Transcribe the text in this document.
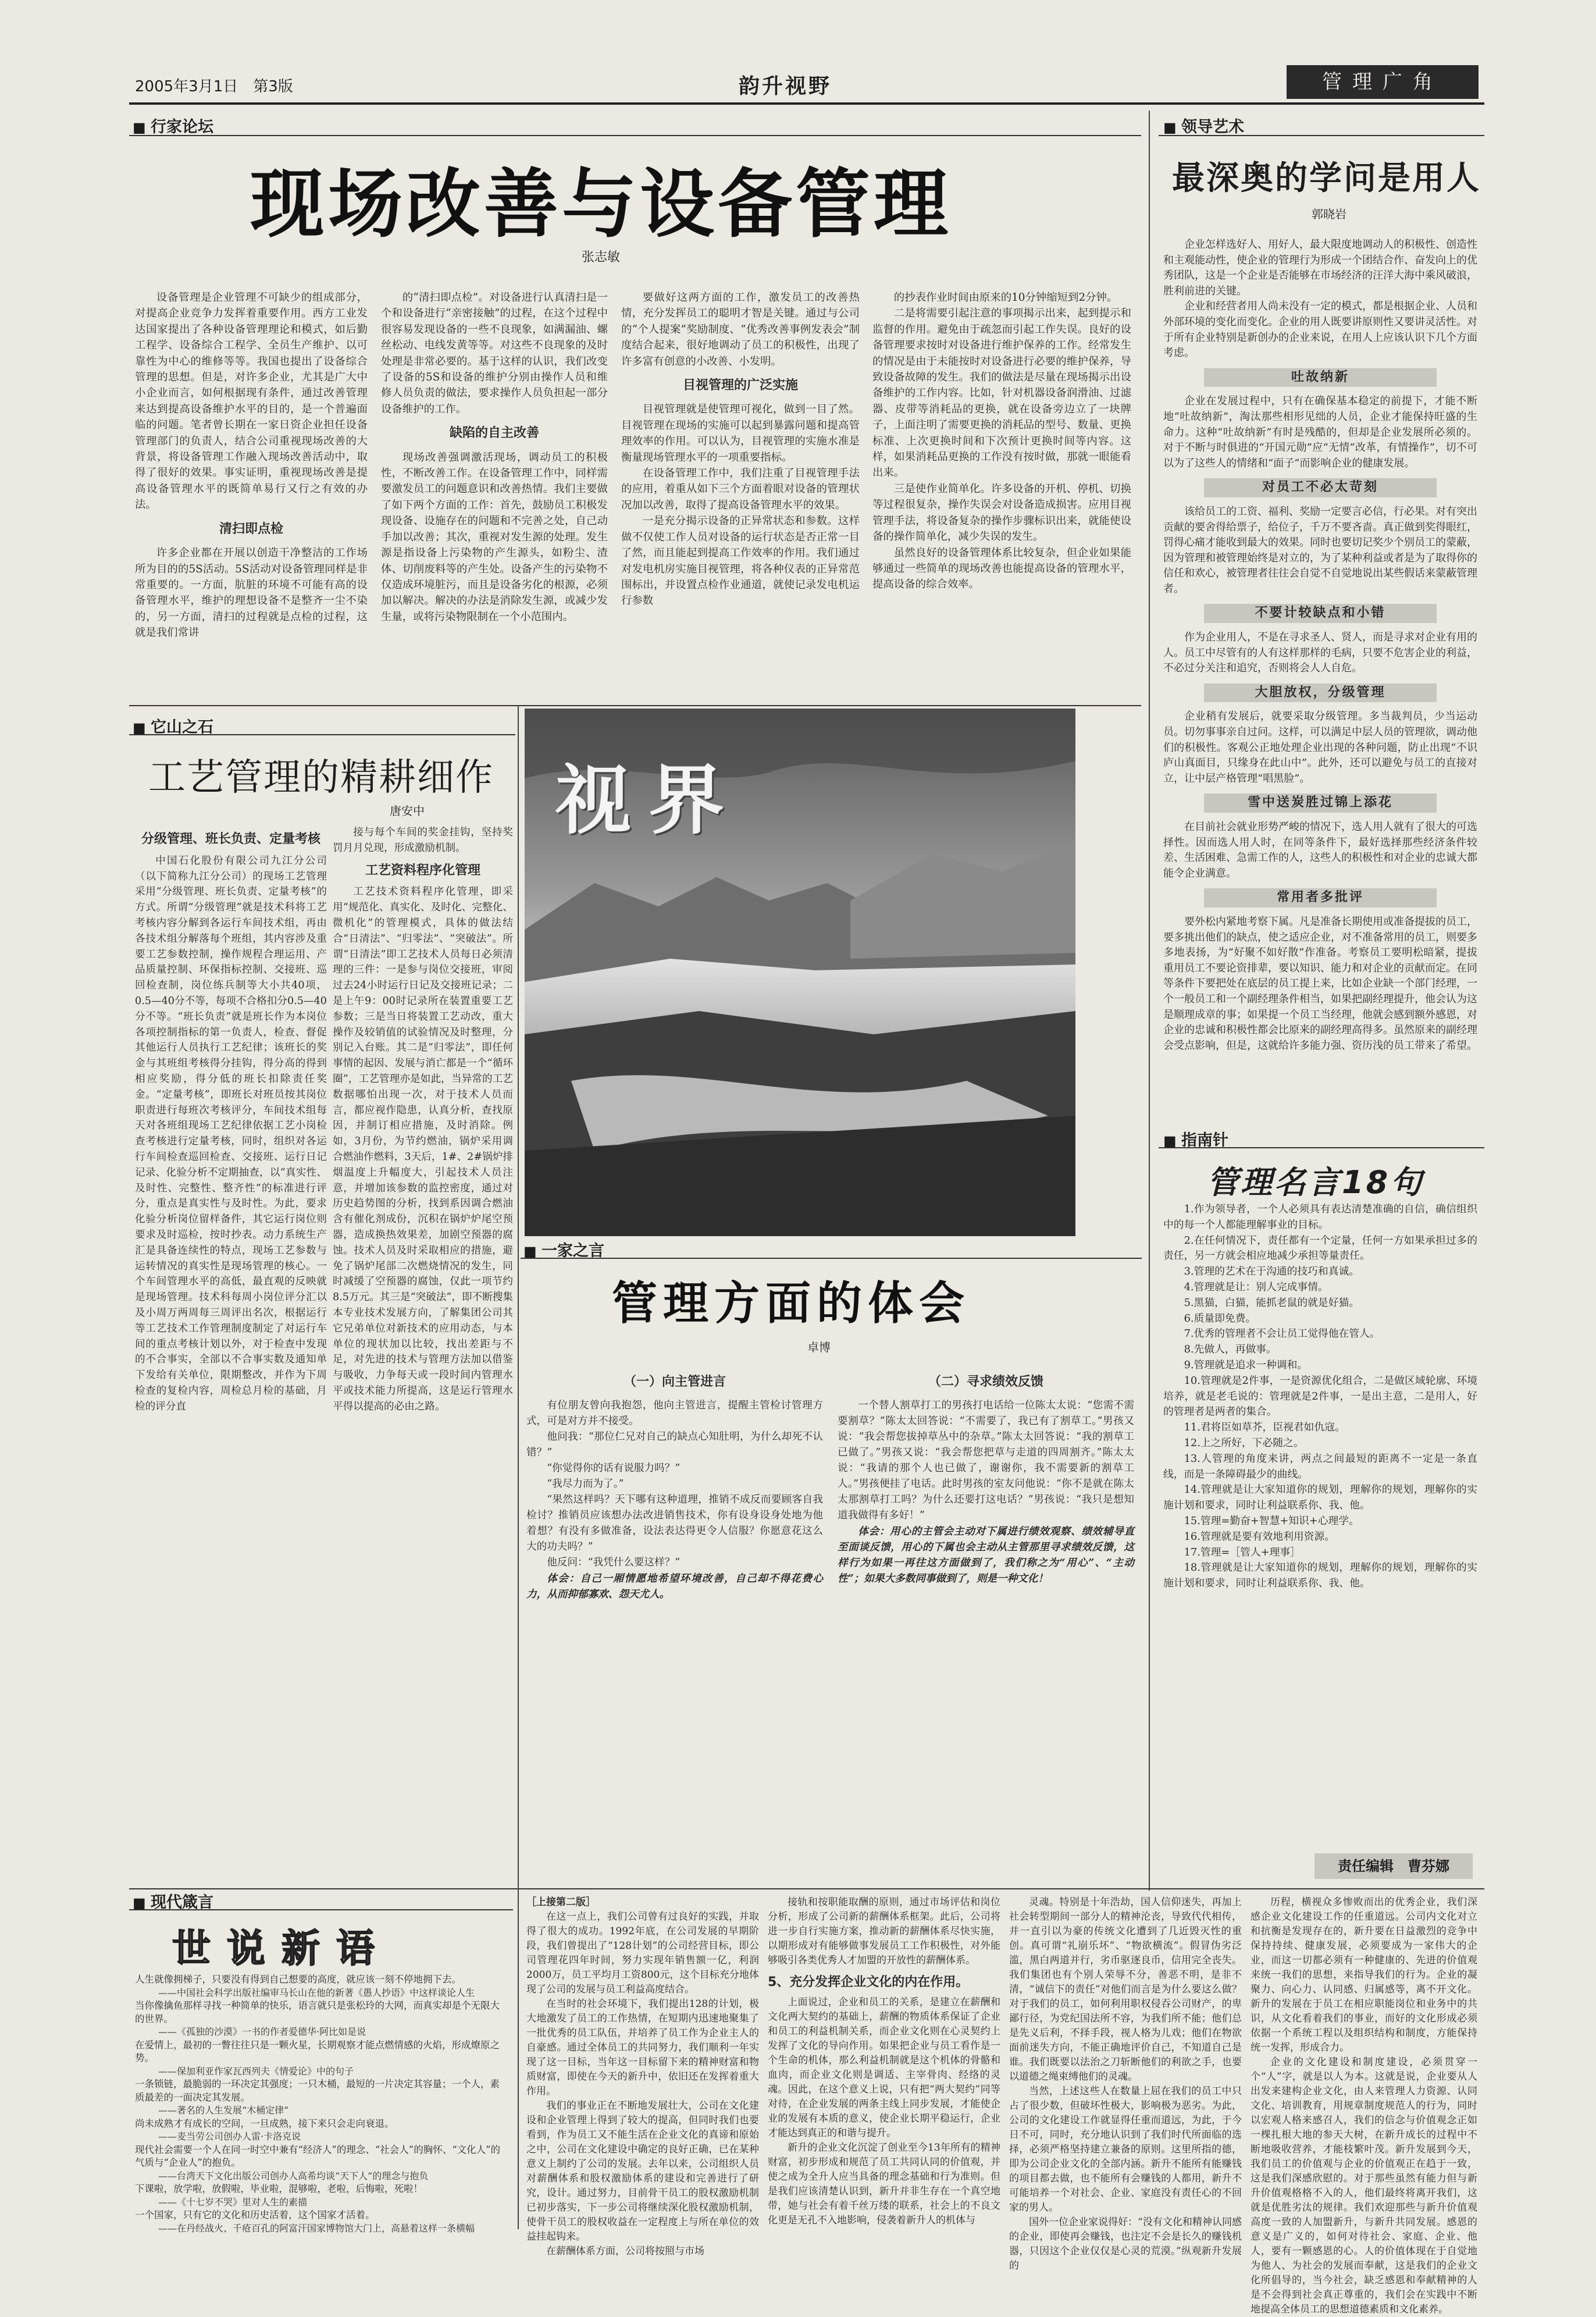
2005年3月1日　第3版	韵升视野	管理广角
■ 行家论坛
现场改善与设备管理
张志敏

设备管理是企业管理不可缺少的组成部分，对提高企业竞争力发挥着重要作用。西方工业发达国家提出了各种设备管理理论和模式，如后勤工程学、设备综合工程学、全员生产维护、以可靠性为中心的维修等等。我国也提出了设备综合管理的思想。但是，对许多企业，尤其是广大中小企业而言，如何根据现有条件，通过改善管理来达到提高设备维护水平的目的，是一个普遍面临的问题。笔者曾长期在一家日资企业担任设备管理部门的负责人，结合公司重视现场改善的大背景，将设备管理工作融入现场改善活动中，取得了很好的效果。事实证明，重视现场改善是提高设备管理水平的既简单易行又行之有效的办法。

清扫即点检

许多企业都在开展以创造干净整洁的工作场所为目的的5S活动。5S活动对设备管理同样是非常重要的。一方面，肮脏的环境不可能有高的设备管理水平，维护的理想设备不是整齐一尘不染的，另一方面，清扫的过程就是点检的过程，这就是我们常讲

的“清扫即点检”。对设备进行认真清扫是一个和设备进行“亲密接触”的过程，在这个过程中很容易发现设备的一些不良现象，如满漏油、螺丝松动、电线发黄等等。对这些不良现象的及时处理是非常必要的。基于这样的认识，我们改变了设备的5S和设备的维护分别由操作人员和维修人员负责的做法，要求操作人员负担起一部分设备维护的工作。

缺陷的自主改善

现场改善强调激活现场，调动员工的积极性，不断改善工作。在设备管理工作中，同样需要激发员工的问题意识和改善热情。我们主要做了如下两个方面的工作：首先，鼓励员工积极发现设备、设施存在的问题和不完善之处，自己动手加以改善；其次，重视对发生源的处理。发生源是指设备上污染物的产生源头，如粉尘、渣体、切削废料等的产生处。设备产生的污染物不仅造成环境脏污，而且是设备劣化的根源，必须加以解决。解决的办法是消除发生源，或减少发生量，或将污染物限制在一个小范围内。

要做好这两方面的工作，激发员工的改善热情，充分发挥员工的聪明才智是关键。通过与公司的“个人提案”奖励制度、“优秀改善事例发表会”制度结合起来，很好地调动了员工的积极性，出现了许多富有创意的小改善、小发明。

目视管理的广泛实施

目视管理就是使管理可视化，做到一目了然。目视管理在现场的实施可以起到暴露问题和提高管理效率的作用。可以认为，目视管理的实施水准是衡量现场管理水平的一项重要指标。

在设备管理工作中，我们注重了目视管理手法的应用，着重从如下三个方面着眼对设备的管理状况加以改善，取得了提高设备管理水平的效果。

一是充分揭示设备的正异常状态和参数。这样做不仅使工作人员对设备的运行状态是否正常一目了然，而且能起到提高工作效率的作用。我们通过对发电机房实施目视管理，将各种仪表的正异常范围标出，并设置点检作业通道，就使记录发电机运行参数

的抄表作业时间由原来的10分钟缩短到2分钟。

二是将需要引起注意的事项揭示出来，起到提示和监督的作用。避免由于疏忽而引起工作失误。良好的设备管理要求按时对设备进行维护保养的工作。经常发生的情况是由于未能按时对设备进行必要的维护保养，导致设备故障的发生。我们的做法是尽量在现场揭示出设备维护的工作内容。比如，针对机器设备润滑油、过滤器、皮带等消耗品的更换，就在设备旁边立了一块牌子，上面注明了需要更换的消耗品的型号、数量、更换标准、上次更换时间和下次预计更换时间等内容。这样，如果消耗品更换的工作没有按时做，那就一眼能看出来。

三是使作业简单化。许多设备的开机、停机、切换等过程很复杂，操作失误会对设备造成损害。应用目视管理手法，将设备复杂的操作步骤标识出来，就能使设备的操作简单化，减少失误的发生。

虽然良好的设备管理体系比较复杂，但企业如果能够通过一些简单的现场改善也能提高设备的管理水平，提高设备的综合效率。

■ 领导艺术
最深奥的学问是用人
郭晓岩

企业怎样选好人、用好人，最大限度地调动人的积极性、创造性和主观能动性，使企业的管理行为形成一个团结合作、奋发向上的优秀团队，这是一个企业是否能够在市场经济的汪洋大海中乘风破浪，胜利前进的关键。

企业和经营者用人尚未没有一定的模式，都是根据企业、人员和外部环境的变化而变化。企业的用人既要讲原则性又要讲灵活性。对于所有企业特别是新创办的企业来说，在用人上应该认识下几个方面考虑。

吐故纳新

企业在发展过程中，只有在确保基本稳定的前提下，才能不断地“吐故纳新”，淘汰那些相形见绌的人员，企业才能保持旺盛的生命力。这种“吐故纳新”有时是残酷的，但却是企业发展所必须的。对于不断与时俱进的“开国元勋”应“无情”改革，有情操作”，切不可以为了这些人的情绪和“面子”而影响企业的健康发展。

对员工不必太苛刻

该给员工的工资、福利、奖励一定要言必信，行必果。对有突出贡献的要舍得给票子，给位子，千万不要吝啬。真正做到奖得眼红，罚得心痛才能收到最大的效果。同时也要切记奖少个别员工的蒙蔽，因为管理和被管理始终是对立的，为了某种利益或者是为了取得你的信任和欢心，被管理者往往会自觉不自觉地说出某些假话来蒙蔽管理者。

不要计较缺点和小错

作为企业用人，不是在寻求圣人、贤人，而是寻求对企业有用的人。员工中尽管有的人有这样那样的毛病，只要不危害企业的利益，不必过分关注和追究，否则将会人人自危。

大胆放权，分级管理

企业稍有发展后，就要采取分级管理。多当裁判员，少当运动员。切勿事事亲自过问。这样，可以满足中层人员的管理欲，调动他们的积极性。客观公正地处理企业出现的各种问题，防止出现“不识庐山真面目，只缘身在此山中”。此外，还可以避免与员工的直接对立，让中层产格管理“唱黑脸”。

雪中送炭胜过锦上添花

在目前社会就业形势严峻的情况下，选人用人就有了很大的可选择性。因而选人用人时，在同等条件下，最好选择那些经济条件较差、生活困难、急需工作的人，这些人的积极性和对企业的忠诚大都能令企业满意。

常用者多批评

要外松内紧地考察下属。凡是准备长期使用或准备提拔的员工，要多挑出他们的缺点，使之适应企业，对不准备常用的员工，则要多多地表扬，为“好聚不如好散”作准备。考察员工要明松暗紧，提拔重用员工不要论资排辈，要以知识、能力和对企业的贡献而定。在同等条件下要把处在底层的员工提上来，比如企业缺一个部门经理，一个一般员工和一个副经理条件相当，如果把副经理提升，他会认为这是顺理成章的事；如果提一个员工当经理，他就会感到额外感恩，对企业的忠诚和积极性都会比原来的副经理高得多。虽然原来的副经理会受点影响，但是，这就给许多能力强、资历浅的员工带来了希望。

■ 它山之石
工艺管理的精耕细作
唐安中
分级管理、班长负责、定量考核

中国石化股份有限公司九江分公司（以下简称九江分公司）的现场工艺管理采用“分级管理、班长负责、定量考核”的方式。所谓“分级管理”就是技术科将工艺考核内容分解到各运行车间技术组，再由各技术组分解落每个班组，其内容涉及重要工艺参数控制，操作规程合理运用、产品质量控制、环保指标控制、交接班、巡回检查制，岗位练兵制等大小共40项，0.5—40分不等，每项不合格扣分0.5—40分不等。“班长负责”就是班长作为本岗位各项控制指标的第一负责人，检查、督促其他运行人员执行工艺纪律；该班长的奖金与其班组考核得分挂钩，得分高的得到相应奖励，得分低的班长扣除责任奖金。“定量考核”，即班长对班员按其岗位职责进行每班次考核评分，车间技术组每天对各班组现场工艺纪律依据工艺小岗检查考核进行定量考核，同时，组织对各运行车间检查巡回检查、交接班、运行日记记录、化验分析不定期抽查，以“真实性、及时性、完整性、整齐性”的标准进行评分，重点是真实性与及时性。为此，要求化验分析岗位留样备件，其它运行岗位则要求及时巡检，按时抄表。动力系统生产汇是具备连续性的特点，现场工艺参数与运转情况的真实性是现场管理的核心。一个车间管理水平的高低，最直观的反映就是现场管理。技术科每周小岗位评分汇以及小周万两周每三周评出名次，根据运行等工艺技术工作管理制度制定了对运行车间的重点考核计划以外，对于检查中发现的不合事实，全部以不合事实数及通知单下发给有关单位，限期整改，并作为下周检查的复检内容，周检总月检的基础，月检的评分直

接与每个车间的奖金挂钩，坚持奖罚月月兑现，形成激励机制。

工艺资料程序化管理

工艺技术资料程序化管理，即采用“规范化、真实化、及时化、完整化、微机化”的管理模式，具体的做法结合“日清法”、“归零法”、“突破法”。所谓“日清法”即工艺技术人员每日必须清理的三件：一是参与岗位交接班，审阅过去24小时运行日记及交接班记录；二是上午9：00时记录所在装置重要工艺参数；三是当日将装置工艺动改，重大操作及较销值的试验情况及时整理，分别记入台账。其二是“归零法”，即任何事情的起因、发展与消亡都是一个“循环圈”，工艺管理亦是如此，当异常的工艺数据哪怕出现一次，对于技术人员而言，都应视作隐患，认真分析，查找原因，并制订相应措施，及时消除。例如，3月份，为节约燃油，锅炉采用调合燃油作燃料，3天后，1#、2#锅炉排烟温度上升幅度大，引起技术人员注意，并增加该参数的监控密度，通过对历史趋势图的分析，找到系因调合燃油含有催化剂成份，沉积在锅炉炉尾空预器，造成换热效果差，加剧空预器的腐蚀。技术人员及时采取相应的措施，避免了锅炉尾部二次燃烧情况的发生，同时减缓了空预器的腐蚀，仅此一项节约8.5万元。其三是“突破法”，即不断搜集本专业技术发展方向，了解集团公司其它兄弟单位对新技术的应用动态，与本单位的现状加以比较，找出差距与不足，对先进的技术与管理方法加以借鉴与吸收，力争每天或一段时间内管理水平或技术能力所提高，这是运行管理水平得以提高的必由之路。

视界
■ 一家之言
管理方面的体会
卓博
（一）向主管进言

有位朋友曾向我抱怨，他向主管进言，提醒主管检讨管理方式，可是对方并不接受。

他问我：“那位仁兄对自己的缺点心知肚明，为什么却死不认错？”

“你觉得你的话有说服力吗？”

“我尽力而为了。”

“果然这样吗？天下哪有这种道理，推销不成反而要顾客自我检讨？推销员应该想办法改进销售技术，你有设身设身处地为他着想？有没有多做准备，设法表达得更令人信服？你愿意花这么大的功夫吗？”

他反问：“我凭什么要这样？”

体会：自己一厢情愿地希望环境改善，自己却不得花费心力，从而抑郁寡欢、怨天尤人。

（二）寻求绩效反馈

一个替人割草打工的男孩打电话给一位陈太太说：“您需不需要割草？”陈太太回答说：“不需要了，我已有了割草工。”男孩又说：“我会帮您拔掉草丛中的杂草。”陈太太回答说：“我的割草工已做了。”男孩又说：“我会帮您把草与走道的四周割齐。”陈太太说：“我请的那个人也已做了，谢谢你，我不需要新的割草工人。”男孩便挂了电话。此时男孩的室友问他说：“你不是就在陈太太那割草打工吗？为什么还要打这电话？”男孩说：“我只是想知道我做得有多好！”

体会：用心的主管会主动对下属进行绩效观察、绩效辅导直至面谈反馈，用心的下属也会主动从主管那里寻求绩效反馈，这样行为如果一再往这方面做到了，我们称之为“用心”、“主动性”；如果大多数同事做到了，则是一种文化！

■ 指南针
管理名言18句

1.作为领导者，一个人必须具有表达清楚准确的自信，确信组织中的每一个人都能理解事业的目标。

2.在任何情况下，责任都有一个定量，任何一方如果承担过多的责任，另一方就会相应地减少承担等量责任。

3.管理的艺术在于沟通的技巧和真诚。

4.管理就是让：别人完成事情。

5.黑猫，白猫，能抓老鼠的就是好猫。

6.质量即免费。

7.优秀的管理者不会让员工觉得他在管人。

8.先做人，再做事。

9.管理就是追求一种调和。

10.管理就是2件事，一是资源优化组合，二是做区域轮廓、环境培养，就是老毛说的：管理就是2件事，一是出主意，二是用人，好的管理者是两者的集合。

11.君将臣如草芥，臣视君如仇寇。

12.上之所好，下必随之。

13.人管理的角度来讲，两点之间最短的距离不一定是一条直线，而是一条障碍最少的曲线。

14.管理就是让大家知道你的规划，理解你的规划，理解你的实施计划和要求，同时让利益联系你、我、他。

15.管理=勤奋+智慧+知识+心理学。

16.管理就是要有效地利用资源。

17.管理=［管人+理事］

18.管理就是让大家知道你的规划，理解你的规划，理解你的实施计划和要求，同时让利益联系你、我、他。

责任编辑　曹芬娜
■ 现代箴言
世说新语
人生就像拥梯子，只要没有得到自己想要的高度，就应该一刻不停地拥下去。
——中国社会科学出版社编审马长山在他的新著《愚人抄语》中这样谈论人生
当你像擒鱼那样寻找一种简单的快乐，语言就只是张松玲的大网，而真实却是个无限大的世界。
——《孤独的沙漠》一书的作者爱德华·阿比如是说
在爱情上，最初的一瞥往往只是一颗火星，长期观察才能点燃情感的火焰，形成燎原之势。
——保加利亚作家瓦西列夫《情爱论》中的句子
一条锁链，最脆弱的一环决定其强度；一只木桶，最短的一片决定其容量；一个人，素质最差的一面决定其发展。
——著名的人生发展“木桶定律”
尚未成熟才有成长的空间，一旦成熟，接下来只会走向衰退。
——麦当劳公司创办人雷·卡洛克说
现代社会需要一个人在同一时空中兼有“经济人”的理念、“社会人”的胸怀、“文化人”的气质与“企业人”的抱负。
——台湾天下文化出版公司创办人高希均谈“天下人”的理念与抱负
下课啦，放学啦，放假啦，毕业啦，混够啦，老啦，后悔啦，死啦！
——《十七岁不哭》里对人生的素描
一个国家，只有它的文化和历史活着，这个国家才活着。
——在丹经战火、千疮百孔的阿富汗国家博物馆大门上，高悬着这样一条横幅
［上接第二版］

在这一点上，我们公司曾有过良好的实践，并取得了很大的成功。1992年底，在公司发展的早期阶段，我们曾提出了“128计划”的公司经营目标，即公司管理花四年时间，努力实现年销售额一亿，利润2000万，员工平均月工资800元，这个目标充分地体现了公司的发展与员工利益高度结合。

在当时的社会环境下，我们提出128的计划，极大地激发了员工的工作热情，在短期内迅速地聚集了一批优秀的员工队伍，并培养了员工作为企业主人的自豪感。通过全体员工的共同努力，我们顺利一年实现了这一目标，当年这一目标留下来的精神财富和物质财富，即使在今天的新升中，依旧还在发挥着重大作用。

我们的事业正在不断地发展壮大，公司在文化建设和企业管理上得到了较大的提高，但同时我们也要看到，作为员工又不能生活在企业文化的真谛和原始之中，公司在文化建设中确定的良好正确，已在某种意义上制约了公司的发展。去年以来，公司组织人员对薪酬体系和股权激励体系的建设和完善进行了研究，设计。通过努力，目前骨干员工的股权激励机制已初步落实，下一步公司将继续深化股权激励机制，使骨干员工的股权收益在一定程度上与所在单位的效益挂起钩来。

在薪酬体系方面，公司将按照与市场

接轨和按职能取酬的原则，通过市场评估和岗位分析，形成了公司新的薪酬体系框架。此后，公司将进一步自行实施方案，推动新的薪酬体系尽快实施，以期形成对有能够做事发展员工工作积极性，对外能够吸引各类优秀人才加盟的开放性的薪酬体系。

5、充分发挥企业文化的内在作用。

上面说过，企业和员工的关系，是建立在薪酬和文化两大契约的基础上，薪酬的物质体系保证了企业和员工的利益机制关系，而企业文化则在心灵契约上发挥了文化的导向作用。如果把企业与员工看作是一个生命的机体，那么利益机制就是这个机体的骨骼和血肉，而企业文化则是调适、主宰骨肉、经络的灵魂。因此，在这个意义上说，只有把“两大契约”同等对待，在企业发展的两条主线上同步发展，才能使企业的发展有本质的意义，使企业长期平稳运行，企业才能达到真正的和谐与提升。

新升的企业文化沉淀了创业至今13年所有的精神财富，初步形成和规范了员工共同认同的价值观，并使之成为全升人应当具备的理念基础和行为准则。但是我们应该清楚认识到，新升并非生存在一个真空地带，她与社会有着千丝万缕的联系，社会上的不良文化更是无孔不入地影响，侵袭着新升人的机体与

灵魂。特别是十年浩劫，国人信仰迷失，再加上社会转型期间一部分人的精神沦丧，导致代代相传，并一直引以为豪的传统文化遭到了几近毁灭性的重创。真可谓“礼崩乐坏”、“物欲横流”。假冒伪劣泛滥，黑白两道并行，劣币驱逐良币，信用完全丧失。我们集团也有个别人荣辱不分，善恶不明，是非不清，“诚信下的责任”对他们而言是为什么要这么做？对于我们的员工，如何利用职权侵吞公司财产，的卑鄙行径，为党纪国法所不容，为我们所不能；他们总是先义后利，不择手段，视人格为儿戏；他们在物欲面前迷失方向，不能正确地评价自己，不知道自己是谁。我们既要以法治之刀斩断他们的利欲之手，也要以道德之绳束缚他们的灵魂。

当然，上述这些人在数量上屈在我们的员工中只占了很少数，但破坏性极大，影响极为恶劣。为此，公司的文化建设工作就显得任重而道远，为此，于今日不可，同时，充分地认识到了我们时代所面临的选择，必须严格坚持建立兼备的原则。这里所指的德，即为公司企业文化的全部内涵。新升不能所有能赚钱的项目都去做，也不能所有会赚钱的人都用，新升不可能培养一个对社会、企业、家庭没有责任心的不回家的男人。

国外一位企业家说得好：“没有文化和精神认同感的企业，即使再会赚钱，也注定不会是长久的赚钱机器，只因这个企业仅仅是心灵的荒漠。”纵观新升发展的

历程，横视众多惨败而出的优秀企业，我们深感企业文化建设工作的任重道远。公司内文化对立和抗衡是发现存在的，新升要在日益激烈的竞争中保持持续、健康发展，必须要成为一家伟大的企业，而这一切都必须有一种健康的、先进的价值观来统一我们的思想，来指导我们的行为。企业的凝聚力、向心力、认同感、归属感等，离不开文化。新升的发展在于员工在相应职能岗位和业务中的共识，从文化看着我们的事业，而好的文化形成必须依据一个系统工程以及组织结构和制度，方能保持统一发挥，形成合力。

企业的文化建设和制度建设，必须贯穿一个“人”字，就是以人为本。这就是说，企业要从人出发来建构企业文化，由人来管理人力资源、认同文化、培训教育，用规章制度规范人的行为，同时以宏观人格来感召人，我们的信念与价值观念正如一棵扎根大地的参天大树，在新升成长的过程中不断地吸收营养，才能枝繁叶茂。新升发展到今天，我们员工的价值观与企业的价值观正在趋于一致，这是我们深感欣慰的。对于那些虽然有能力但与新升价值观格格不入的人，他们最终将离开我们，这就是优胜劣汰的规律。我们欢迎那些与新升价值观高度一致的人加盟新升，与新升共同发展。感恩的意义是广义的，如何对待社会、家庭、企业、他人，要有一颗感恩的心。人的价值体现在于自觉地为他人、为社会的发展而奉献，这是我们的企业文化所倡导的，当今社会，缺乏感恩和奉献精神的人是不会得到社会真正尊重的，我们会在实践中不断地提高全体员工的思想道德素质和文化素养。
